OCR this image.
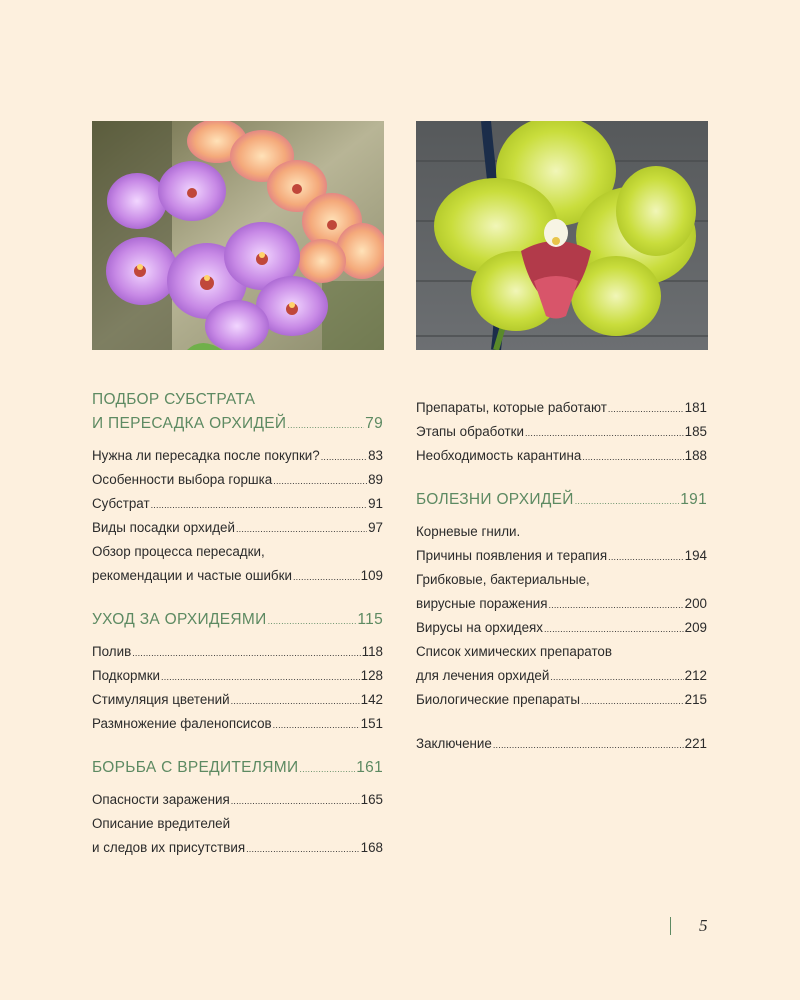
ПОДБОР СУБСТРАТА
И ПЕРЕСАДКА ОРХИДЕЙ .....	79
Нужна ли пересадка после покупки? .....	83
Особенности выбора горшка .....	89
Субстрат .....	91
Виды посадки орхидей .....	97
Обзор процесса пересадки,
рекомендации и частые ошибки .....	109
УХОД ЗА ОРХИДЕЯМИ .....	115
Полив .....	118
Подкормки .....	128
Стимуляция цветений .....	142
Размножение фаленопсисов .....	151
БОРЬБА С ВРЕДИТЕЛЯМИ .....	161
Опасности заражения .....	165
Описание вредителей
и следов их присутствия .....	168
Препараты, которые работают .....	181
Этапы обработки .....	185
Необходимость карантина .....	188
БОЛЕЗНИ ОРХИДЕЙ .....	191
Корневые гнили.
Причины появления и терапия .....	194
Грибковые, бактериальные,
вирусные поражения .....	200
Вирусы на орхидеях .....	209
Список химических препаратов
для лечения орхидей .....	212
Биологические препараты .....	215
Заключение .....	221
5
